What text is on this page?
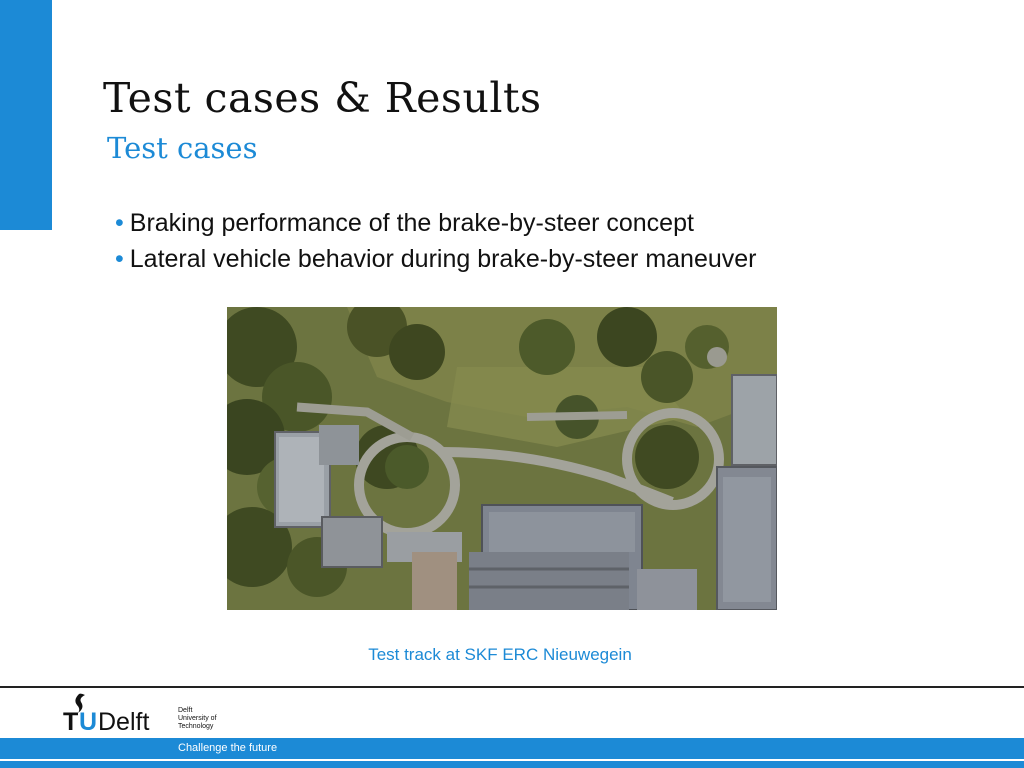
Test cases & Results
Test cases
• Braking performance of the brake-by-steer concept
• Lateral vehicle behavior during brake-by-steer maneuver
Test track at SKF ERC Nieuwegein
T U Delft	Delft
University of
Technology
Challenge the future
